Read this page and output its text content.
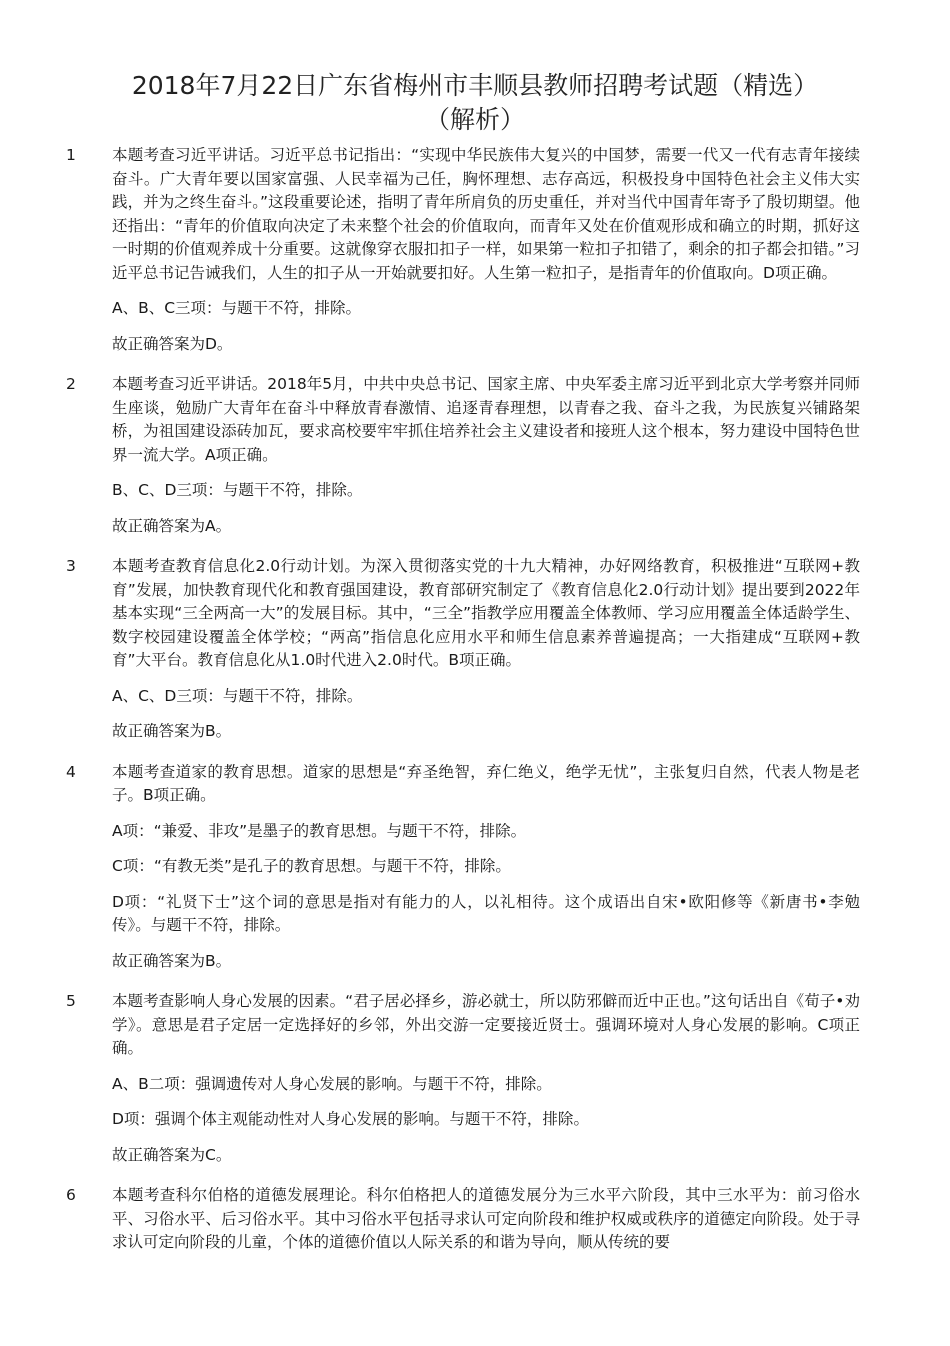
2018年7月22日广东省梅州市丰顺县教师招聘考试题（精选）
（解析）
1 本题考查习近平讲话。习近平总书记指出：“实现中华民族伟大复兴的中国梦，需要一代又一代有志青年接续奋斗。广大青年要以国家富强、人民幸福为己任，胸怀理想、志存高远，积极投身中国特色社会主义伟大实践，并为之终生奋斗。”这段重要论述，指明了青年所肩负的历史重任，并对当代中国青年寄予了殷切期望。他还指出：“青年的价值取向决定了未来整个社会的价值取向，而青年又处在价值观形成和确立的时期，抓好这一时期的价值观养成十分重要。这就像穿衣服扣扣子一样，如果第一粒扣子扣错了，剩余的扣子都会扣错。”习近平总书记告诫我们，人生的扣子从一开始就要扣好。人生第一粒扣子，是指青年的价值取向。D项正确。

A、B、C三项：与题干不符，排除。

故正确答案为D。

2 本题考查习近平讲话。2018年5月，中共中央总书记、国家主席、中央军委主席习近平到北京大学考察并同师生座谈，勉励广大青年在奋斗中释放青春激情、追逐青春理想，以青春之我、奋斗之我，为民族复兴铺路架桥，为祖国建设添砖加瓦，要求高校要牢牢抓住培养社会主义建设者和接班人这个根本，努力建设中国特色世界一流大学。A项正确。

B、C、D三项：与题干不符，排除。

故正确答案为A。

3 本题考查教育信息化2.0行动计划。为深入贯彻落实党的十九大精神，办好网络教育，积极推进“互联网+教育”发展，加快教育现代化和教育强国建设，教育部研究制定了《教育信息化2.0行动计划》提出要到2022年基本实现“三全两高一大”的发展目标。其中，“三全”指教学应用覆盖全体教师、学习应用覆盖全体适龄学生、数字校园建设覆盖全体学校；“两高”指信息化应用水平和师生信息素养普遍提高；一大指建成“互联网+教育”大平台。教育信息化从1.0时代进入2.0时代。B项正确。

A、C、D三项：与题干不符，排除。

故正确答案为B。

4 本题考查道家的教育思想。道家的思想是“弃圣绝智，弃仁绝义，绝学无忧”，主张复归自然，代表人物是老子。B项正确。

A项：“兼爱、非攻”是墨子的教育思想。与题干不符，排除。

C项：“有教无类”是孔子的教育思想。与题干不符，排除。

D项：“礼贤下士”这个词的意思是指对有能力的人，以礼相待。这个成语出自宋•欧阳修等《新唐书•李勉传》。与题干不符，排除。

故正确答案为B。

5 本题考查影响人身心发展的因素。“君子居必择乡，游必就士，所以防邪僻而近中正也。”这句话出自《荀子•劝学》。意思是君子定居一定选择好的乡邻，外出交游一定要接近贤士。强调环境对人身心发展的影响。C项正确。

A、B二项：强调遗传对人身心发展的影响。与题干不符，排除。

D项：强调个体主观能动性对人身心发展的影响。与题干不符，排除。

故正确答案为C。

6 本题考查科尔伯格的道德发展理论。科尔伯格把人的道德发展分为三水平六阶段，其中三水平为：前习俗水平、习俗水平、后习俗水平。其中习俗水平包括寻求认可定向阶段和维护权威或秩序的道德定向阶段。处于寻求认可定向阶段的儿童，个体的道德价值以人际关系的和谐为导向，顺从传统的要
